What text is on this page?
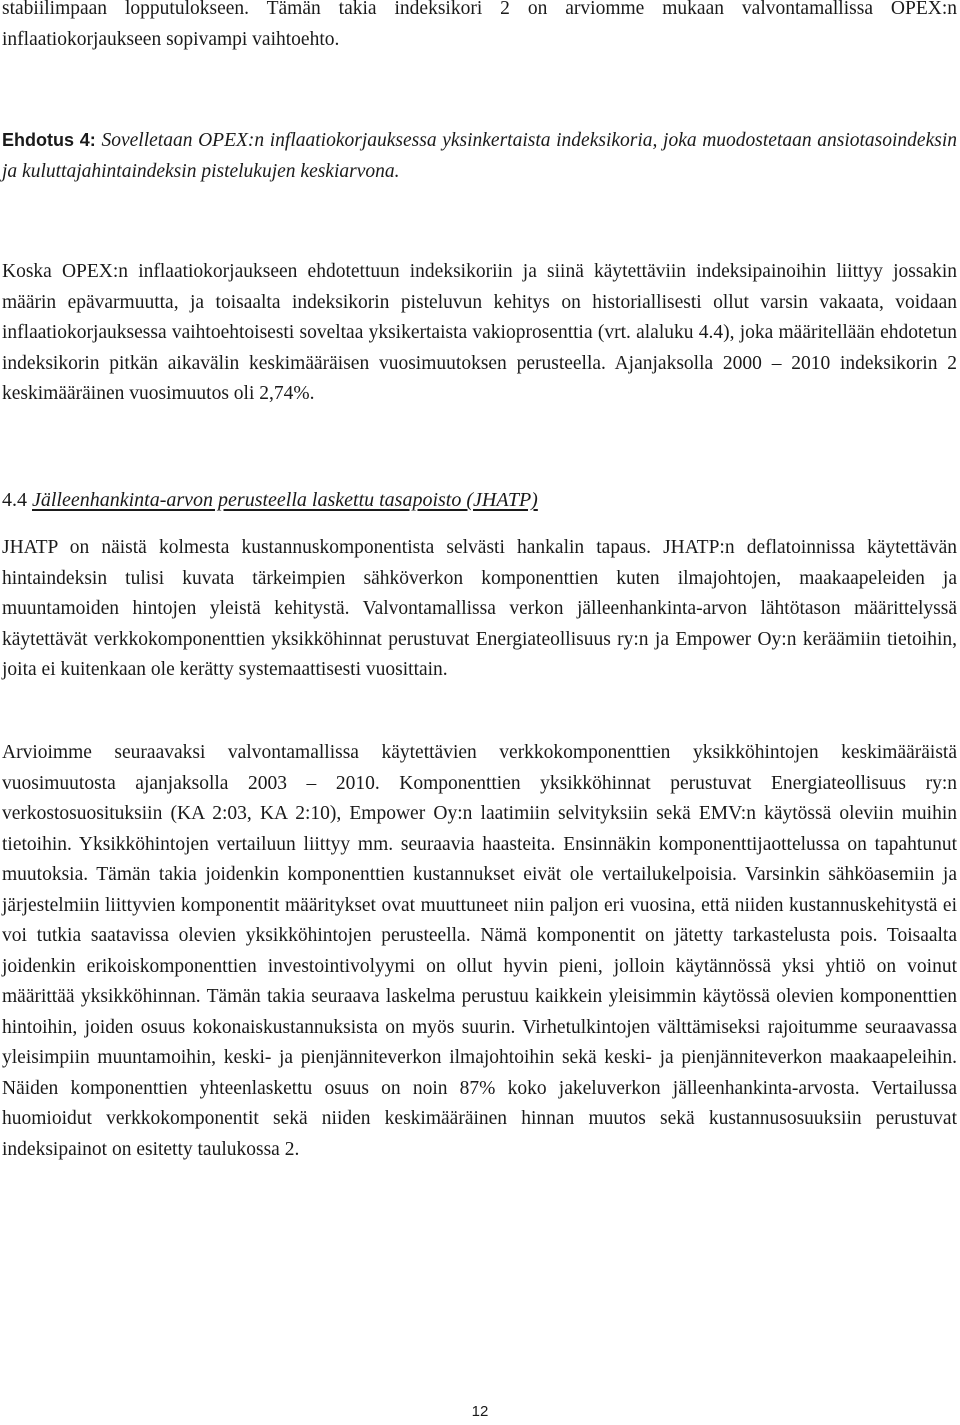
stabiilimpaan lopputulokseen. Tämän takia indeksikori 2 on arviomme mukaan valvontamallissa OPEX:n inflaatiokorjaukseen sopivampi vaihtoehto.

Ehdotus 4: Sovelletaan OPEX:n inflaatiokorjauksessa yksinkertaista indeksikoria, joka muodostetaan ansiotasoindeksin ja kuluttajahintaindeksin pistelukujen keskiarvona.

Koska OPEX:n inflaatiokorjaukseen ehdotettuun indeksikoriin ja siinä käytettäviin indeksipainoihin liittyy jossakin määrin epävarmuutta, ja toisaalta indeksikorin pisteluvun kehitys on historiallisesti ollut varsin vakaata, voidaan inflaatiokorjauksessa vaihtoehtoisesti soveltaa yksikertaista vakioprosenttia (vrt. alaluku 4.4), joka määritellään ehdotetun indeksikorin pitkän aikavälin keskimääräisen vuosimuutoksen perusteella. Ajanjaksolla 2000 – 2010 indeksikorin 2 keskimääräinen vuosimuutos oli 2,74%.

4.4 Jälleenhankinta-arvon perusteella laskettu tasapoisto (JHATP)

JHATP on näistä kolmesta kustannuskomponentista selvästi hankalin tapaus. JHATP:n deflatoinnissa käytettävän hintaindeksin tulisi kuvata tärkeimpien sähköverkon komponenttien kuten ilmajohtojen, maakaapeleiden ja muuntamoiden hintojen yleistä kehitystä. Valvontamallissa verkon jälleenhankinta-arvon lähtötason määrittelyssä käytettävät verkkokomponenttien yksikköhinnat perustuvat Energiateollisuus ry:n ja Empower Oy:n keräämiin tietoihin, joita ei kuitenkaan ole kerätty systemaattisesti vuosittain.

Arvioimme seuraavaksi valvontamallissa käytettävien verkkokomponenttien yksikköhintojen keskimääräistä vuosimuutosta ajanjaksolla 2003 – 2010. Komponenttien yksikköhinnat perustuvat Energiateollisuus ry:n verkostosuosituksiin (KA 2:03, KA 2:10), Empower Oy:n laatimiin selvityksiin sekä EMV:n käytössä oleviin muihin tietoihin. Yksikköhintojen vertailuun liittyy mm. seuraavia haasteita. Ensinnäkin komponenttijaottelussa on tapahtunut muutoksia. Tämän takia joidenkin komponenttien kustannukset eivät ole vertailukelpoisia. Varsinkin sähköasemiin ja järjestelmiin liittyvien komponentit määritykset ovat muuttuneet niin paljon eri vuosina, että niiden kustannuskehitystä ei voi tutkia saatavissa olevien yksikköhintojen perusteella. Nämä komponentit on jätetty tarkastelusta pois. Toisaalta joidenkin erikoiskomponenttien investointivolyymi on ollut hyvin pieni, jolloin käytännössä yksi yhtiö on voinut määrittää yksikköhinnan. Tämän takia seuraava laskelma perustuu kaikkein yleisimmin käytössä olevien komponenttien hintoihin, joiden osuus kokonaiskustannuksista on myös suurin. Virhetulkintojen välttämiseksi rajoitumme seuraavassa yleisimpiin muuntamoihin, keski- ja pienjänniteverkon ilmajohtoihin sekä keski- ja pienjänniteverkon maakaapeleihin. Näiden komponenttien yhteenlaskettu osuus on noin 87% koko jakeluverkon jälleenhankinta-arvosta. Vertailussa huomioidut verkkokomponentit sekä niiden keskimääräinen hinnan muutos sekä kustannusosuuksiin perustuvat indeksipainot on esitetty taulukossa 2.

12
